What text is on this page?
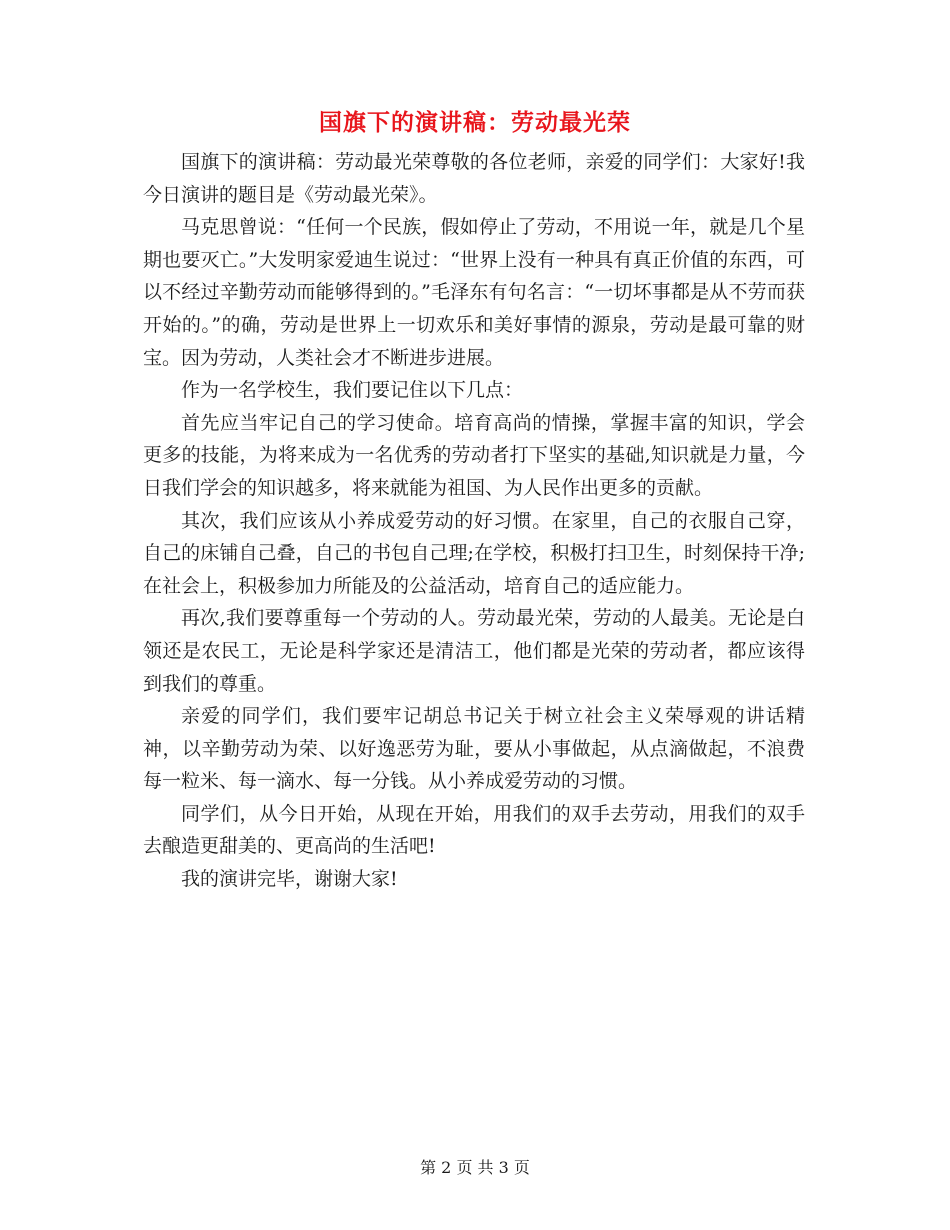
国旗下的演讲稿：劳动最光荣

国旗下的演讲稿：劳动最光荣尊敬的各位老师，亲爱的同学们：大家好!我今日演讲的题目是《劳动最光荣》。

马克思曾说：“任何一个民族，假如停止了劳动，不用说一年，就是几个星期也要灭亡。”大发明家爱迪生说过：“世界上没有一种具有真正价值的东西，可以不经过辛勤劳动而能够得到的。”毛泽东有句名言：“一切坏事都是从不劳而获开始的。”的确，劳动是世界上一切欢乐和美好事情的源泉，劳动是最可靠的财宝。因为劳动，人类社会才不断进步进展。

作为一名学校生，我们要记住以下几点：

首先应当牢记自己的学习使命。培育高尚的情操，掌握丰富的知识，学会更多的技能，为将来成为一名优秀的劳动者打下坚实的基础,知识就是力量，今日我们学会的知识越多，将来就能为祖国、为人民作出更多的贡献。

其次，我们应该从小养成爱劳动的好习惯。在家里，自己的衣服自己穿，自己的床铺自己叠，自己的书包自己理;在学校，积极打扫卫生，时刻保持干净;在社会上，积极参加力所能及的公益活动，培育自己的适应能力。

再次,我们要尊重每一个劳动的人。劳动最光荣，劳动的人最美。无论是白领还是农民工，无论是科学家还是清洁工，他们都是光荣的劳动者，都应该得到我们的尊重。

亲爱的同学们，我们要牢记胡总书记关于树立社会主义荣辱观的讲话精神，以辛勤劳动为荣、以好逸恶劳为耻，要从小事做起，从点滴做起，不浪费每一粒米、每一滴水、每一分钱。从小养成爱劳动的习惯。

同学们，从今日开始，从现在开始，用我们的双手去劳动，用我们的双手去酿造更甜美的、更高尚的生活吧!

我的演讲完毕，谢谢大家!

第 2 页 共 3 页
